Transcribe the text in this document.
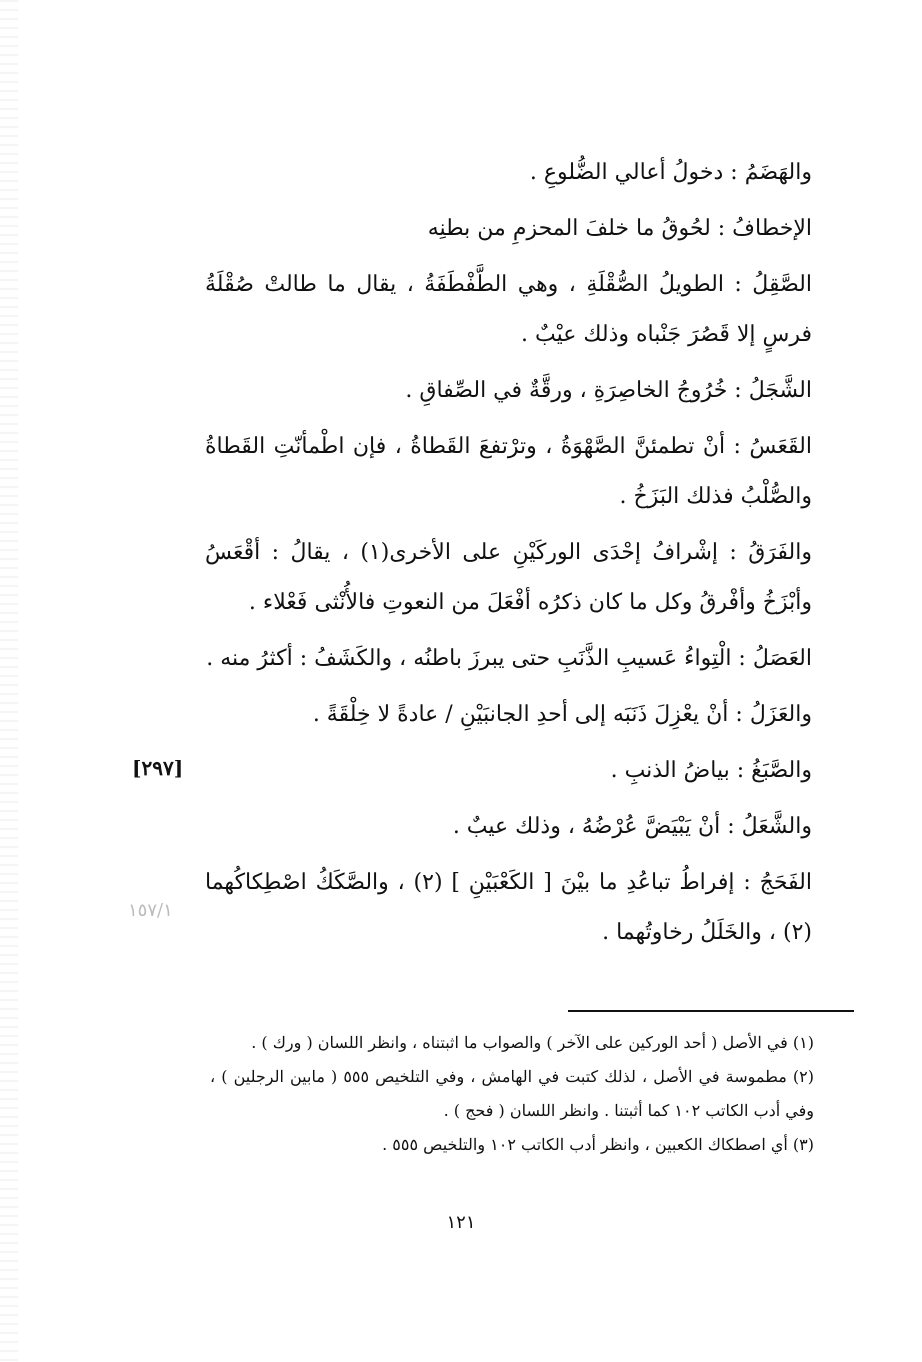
والهَضَمُ : دخولُ أعالي الضُّلوعِ .

الإخطافُ : لحُوقُ ما خلفَ المحزمِ من بطنِه

الصَّقِلُ : الطويلُ الصُّقْلَةِ ، وهي الطَّفْطَفَةُ ، يقال ما طالتْ صُقْلَةُ فرسٍ إلا قَصُرَ جَنْباه وذلك عيْبٌ .

الشَّجَلُ : خُرُوجُ الخاصِرَةِ ، ورقَّةٌ في الصِّفاقِ .

القَعَسُ : أنْ تطمئنَّ الصَّهْوَةُ ، وترْتفعَ القَطاةُ ، فإن اطْمأنّتِ القَطاةُ والصُّلْبُ فذلك البَزَخُ .

والفَرَقُ : إشْرافُ إحْدَى الوركَيْنِ على الأخرى(١) ، يقالُ : أقْعَسُ وأبْزَخُ وأفْرقُ وكل ما كان ذكرُه أفْعَلَ من النعوتِ فالأُنْثى فَعْلاء .

العَصَلُ : الْتِواءُ عَسيبِ الذَّنَبِ حتى يبرزَ باطنُه ، والكَشَفُ : أكثرُ منه .

والعَزَلُ : أنْ يعْزِلَ ذَنَبَه إلى أحدِ الجانبَيْنِ / عادةً لا خِلْقَةً .

والصَّبَغُ : بياضُ الذنبِ .

والشَّعَلُ : أنْ يَبْيَضَّ عُرْضُهُ ، وذلك عيبٌ .

الفَحَجُ : إفراطُ تباعُدِ ما بيْنَ [ الكَعْبَيْنِ ] (٢) ، والصَّكَكُ اصْطِكاكُهما (٢) ، والخَلَلُ رخاوتُهما .

[٢٩٧]
١٥٧/١

(١) في الأصل ( أحد الوركين على الآخر ) والصواب ما اثبتناه ، وانظر اللسان ( ورك ) .

(٢) مطموسة في الأصل ، لذلك كتبت في الهامش ، وفي التلخيص ٥٥٥ ( مابين الرجلين ) ، وفي أدب الكاتب ١٠٢ كما أثبتنا . وانظر اللسان ( فحج ) .

(٣) أي اصطكاك الكعبين ، وانظر أدب الكاتب ١٠٢ والتلخيص ٥٥٥ .

١٢١
